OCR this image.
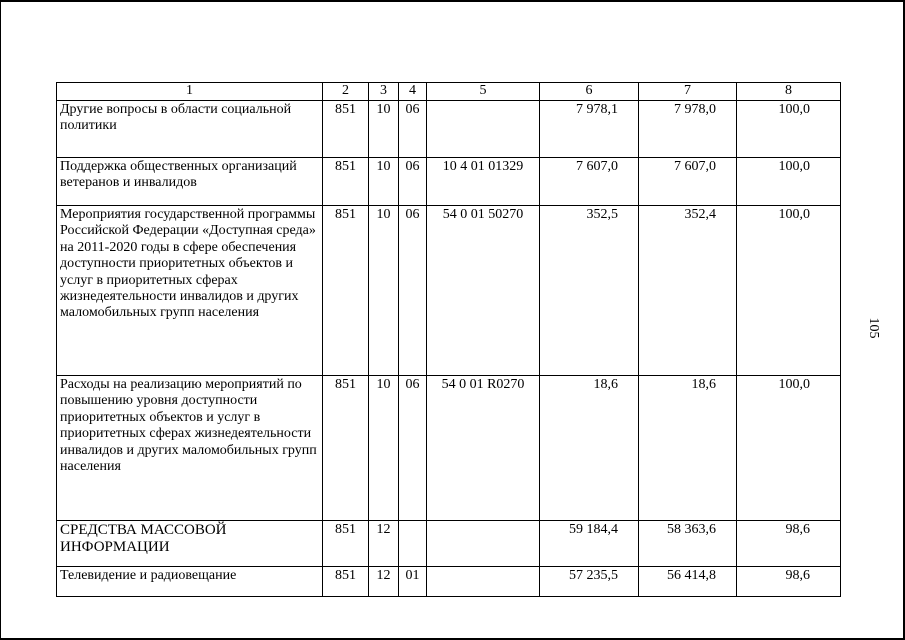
1	2	3	4	5	6	7	8
Другие вопросы в области социальной политики	851	10	06		7 978,1	7 978,0	100,0
Поддержка общественных организаций ветеранов и инвалидов	851	10	06	10 4 01 01329	7 607,0	7 607,0	100,0
Мероприятия государственной программы Российской Федерации «Доступная среда» на 2011-2020 годы в сфере обеспечения доступности приоритетных объектов и услуг в приоритетных сферах жизнедеятельности инвалидов и других маломобильных групп населения	851	10	06	54 0 01 50270	352,5	352,4	100,0
Расходы на реализацию мероприятий по повышению уровня доступности приоритетных объектов и услуг в приоритетных сферах жизнедеятельности инвалидов и других маломобильных групп населения	851	10	06	54 0 01 R0270	18,6	18,6	100,0
СРЕДСТВА МАССОВОЙ ИНФОРМАЦИИ	851	12			59 184,4	58 363,6	98,6
Телевидение и радиовещание	851	12	01		57 235,5	56 414,8	98,6
105
